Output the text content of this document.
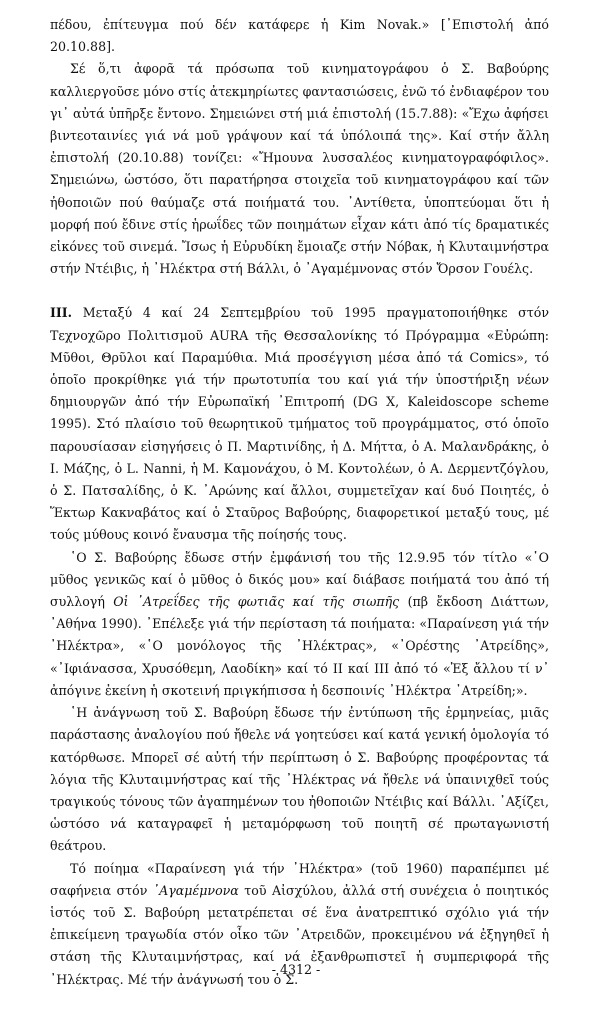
πέδου, ἐπίτευγμα πού δέν κατάφερε ἡ Kim Novak.» [᾿Επιστολή ἀπό 20.10.88].

Σέ ὅ,τι ἀφορᾶ τά πρόσωπα τοῦ κινηματογράφου ὁ Σ. Βαβούρης καλλιεργοῦσε μόνο στίς ἀτεκμηρίωτες φαντασιώσεις, ἐνῶ τό ἐνδιαφέρον του γι᾿ αὐτά ὑπῆρξε ἔντονο. Σημειώνει στή μιά ἐπιστολή (15.7.88): «Ἔχω ἀφήσει βιντεοταινίες γιά νά μοῦ γράψουν καί τά ὑπόλοιπά της». Καί στήν ἄλλη ἐπιστολή (20.10.88) τονίζει: «Ἤμουνα λυσσαλέος κινηματογραφόφιλος». Σημειώνω, ὡστόσο, ὅτι παρατήρησα στοιχεῖα τοῦ κινηματογράφου καί τῶν ἠθοποιῶν πού θαύμαζε στά ποιήματά του. ᾿Αντίθετα, ὑποπτεύομαι ὅτι ἡ μορφή πού ἔδινε στίς ἡρωΐδες τῶν ποιημάτων εἶχαν κάτι ἀπό τίς δραματικές εἰκόνες τοῦ σινεμά. Ἴσως ἡ Εὐρυδίκη ἔμοιαζε στήν Νόβακ, ἡ Κλυταιμνήστρα στήν Ντέιβις, ἡ ᾿Ηλέκτρα στή Βάλλι, ὁ ᾿Αγαμέμνονας στόν Ὄρσον Γουέλς.

III. Μεταξύ 4 καί 24 Σεπτεμβρίου τοῦ 1995 πραγματοποιήθηκε στόν Τεχνοχῶρο Πολιτισμοῦ AURA τῆς Θεσσαλονίκης τό Πρόγραμμα «Εὐρώπη: Μῦθοι, Θρῦλοι καί Παραμύθια. Μιά προσέγγιση μέσα ἀπό τά Comics», τό ὁποῖο προκρίθηκε γιά τήν πρωτοτυπία του καί γιά τήν ὑποστήριξη νέων δημιουργῶν ἀπό τήν Εὐρωπαϊκή ᾿Επιτροπή (DG X, Kaleidoscope scheme 1995). Στό πλαίσιο τοῦ θεωρητικοῦ τμήματος τοῦ προγράμματος, στό ὁποῖο παρουσίασαν εἰσηγήσεις ὁ Π. Μαρτινίδης, ἡ Δ. Μήττα, ὁ Α. Μαλανδράκης, ὁ Ι. Μάζης, ὁ L. Nanni, ἡ Μ. Καμονάχου, ὁ Μ. Κοντολέων, ὁ Α. Δερμεντζόγλου, ὁ Σ. Πατσαλίδης, ὁ Κ. ᾿Αρώνης καί ἄλλοι, συμμετεῖχαν καί δυό Ποιητές, ὁ Ἕκτωρ Κακναβάτος καί ὁ Σταῦρος Βαβούρης, διαφορετικοί μεταξύ τους, μέ τούς μύθους κοινό ἔναυσμα τῆς ποίησής τους.

῾Ο Σ. Βαβούρης ἔδωσε στήν ἐμφάνισή του τῆς 12.9.95 τόν τίτλο «῾Ο μῦθος γενικῶς καί ὁ μῦθος ὁ δικός μου» καί διάβασε ποιήματά του ἀπό τή συλλογή Οἱ ᾿Ατρεΐδες τῆς φωτιᾶς καί τῆς σιωπῆς (πβ ἔκδοση Διάττων, ᾿Αθήνα 1990). ᾿Επέλεξε γιά τήν περίσταση τά ποιήματα: «Παραίνεση γιά τήν ᾿Ηλέκτρα», «῾Ο μονόλογος τῆς ᾿Ηλέκτρας», «᾿Ορέστης ᾿Ατρείδης», «᾿Ιφιάνασσα, Χρυσόθεμη, Λαοδίκη» καί τό II καί III ἀπό τό «Ἐξ ἄλλου τί ν᾿ ἀπόγινε ἐκείνη ἡ σκοτεινή πριγκήπισσα ἡ δεσποινίς ᾿Ηλέκτρα ᾿Ατρείδη;».

῾Η ἀνάγνωση τοῦ Σ. Βαβούρη ἔδωσε τήν ἐντύπωση τῆς ἑρμηνείας, μιᾶς παράστασης ἀναλογίου πού ἤθελε νά γοητεύσει καί κατά γενική ὁμολογία τό κατόρθωσε. Μπορεῖ σέ αὐτή τήν περίπτωση ὁ Σ. Βαβούρης προφέροντας τά λόγια τῆς Κλυταιμνήστρας καί τῆς ᾿Ηλέκτρας νά ἤθελε νά ὑπαινιχθεῖ τούς τραγικούς τόνους τῶν ἀγαπημένων του ἠθοποιῶν Ντέιβις καί Βάλλι. ᾿Αξίζει, ὡστόσο νά καταγραφεῖ ἡ μεταμόρφωση τοῦ ποιητῆ σέ πρωταγωνιστή θεάτρου.

Τό ποίημα «Παραίνεση γιά τήν ᾿Ηλέκτρα» (τοῦ 1960) παραπέμπει μέ σαφήνεια στόν ᾿Αγαμέμνονα τοῦ Αἰσχύλου, ἀλλά στή συνέχεια ὁ ποιητικός ἱστός τοῦ Σ. Βαβούρη μετατρέπεται σέ ἕνα ἀνατρεπτικό σχόλιο γιά τήν ἐπικείμενη τραγωδία στόν οἶκο τῶν ᾿Ατρειδῶν, προκειμένου νά ἐξηγηθεῖ ἡ στάση τῆς Κλυταιμνήστρας, καί νά ἐξανθρωπιστεῖ ἡ συμπεριφορά τῆς ᾿Ηλέκτρας. Μέ τήν ἀνάγνωσή του ὁ Σ.

- 4312 -
